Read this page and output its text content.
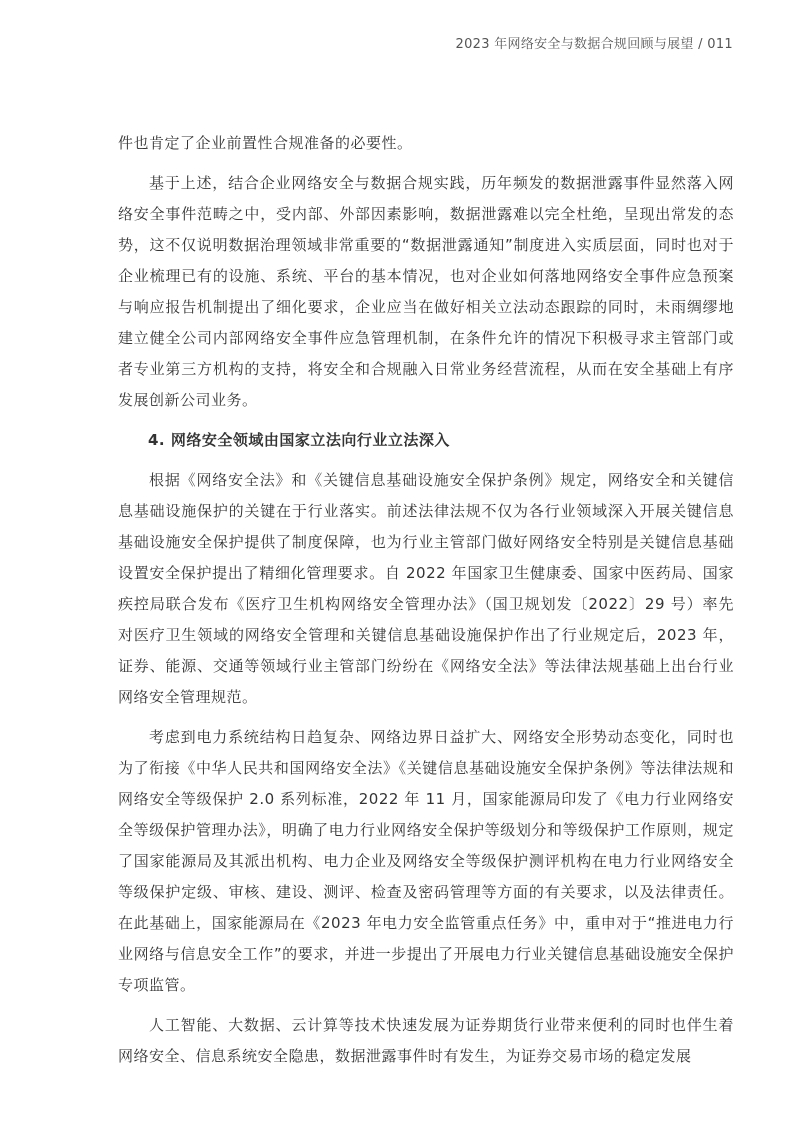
2023 年网络安全与数据合规回顾与展望 / 011

件也肯定了企业前置性合规准备的必要性。

基于上述，结合企业网络安全与数据合规实践，历年频发的数据泄露事件显然落入网络安全事件范畴之中，受内部、外部因素影响，数据泄露难以完全杜绝，呈现出常发的态势，这不仅说明数据治理领域非常重要的“数据泄露通知”制度进入实质层面，同时也对于企业梳理已有的设施、系统、平台的基本情况，也对企业如何落地网络安全事件应急预案与响应报告机制提出了细化要求，企业应当在做好相关立法动态跟踪的同时，未雨绸缪地建立健全公司内部网络安全事件应急管理机制，在条件允许的情况下积极寻求主管部门或者专业第三方机构的支持，将安全和合规融入日常业务经营流程，从而在安全基础上有序发展创新公司业务。

4. 网络安全领域由国家立法向行业立法深入

根据《网络安全法》和《关键信息基础设施安全保护条例》规定，网络安全和关键信息基础设施保护的关键在于行业落实。前述法律法规不仅为各行业领域深入开展关键信息基础设施安全保护提供了制度保障，也为行业主管部门做好网络安全特别是关键信息基础设置安全保护提出了精细化管理要求。自 2022 年国家卫生健康委、国家中医药局、国家疾控局联合发布《医疗卫生机构网络安全管理办法》（国卫规划发〔2022〕29 号）率先对医疗卫生领域的网络安全管理和关键信息基础设施保护作出了行业规定后，2023 年，证券、能源、交通等领域行业主管部门纷纷在《网络安全法》等法律法规基础上出台行业网络安全管理规范。

考虑到电力系统结构日趋复杂、网络边界日益扩大、网络安全形势动态变化，同时也为了衔接《中华人民共和国网络安全法》《关键信息基础设施安全保护条例》等法律法规和网络安全等级保护 2.0 系列标准，2022 年 11 月，国家能源局印发了《电力行业网络安全等级保护管理办法》，明确了电力行业网络安全保护等级划分和等级保护工作原则，规定了国家能源局及其派出机构、电力企业及网络安全等级保护测评机构在电力行业网络安全等级保护定级、审核、建设、测评、检查及密码管理等方面的有关要求，以及法律责任。在此基础上，国家能源局在《2023 年电力安全监管重点任务》中，重申对于“推进电力行业网络与信息安全工作”的要求，并进一步提出了开展电力行业关键信息基础设施安全保护专项监管。

人工智能、大数据、云计算等技术快速发展为证券期货行业带来便利的同时也伴生着网络安全、信息系统安全隐患，数据泄露事件时有发生，为证券交易市场的稳定发展
